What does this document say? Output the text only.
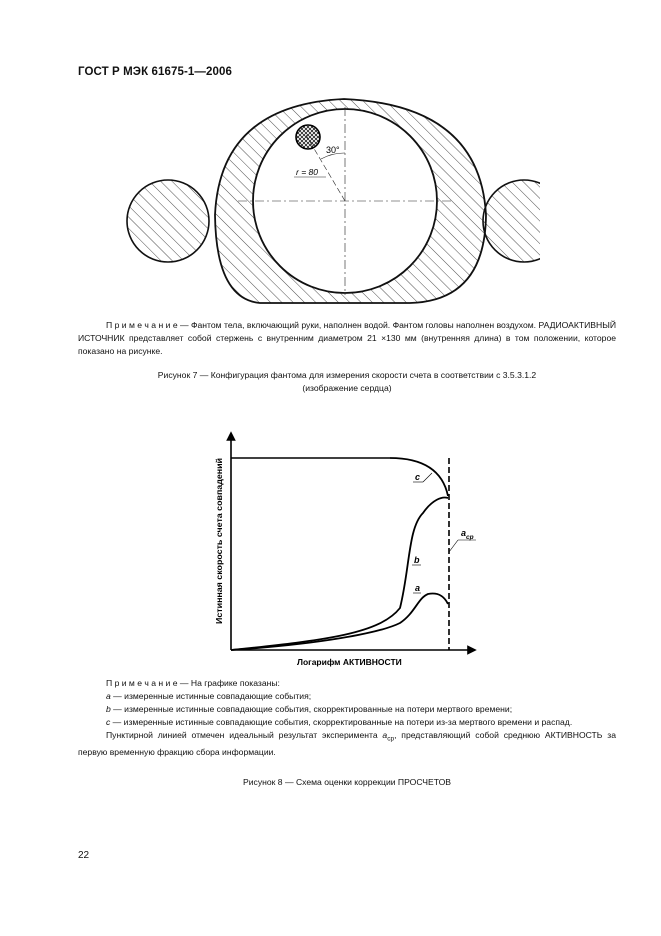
ГОСТ Р МЭК 61675-1—2006
30°
r = 80
П р и м е ч а н и е — Фантом тела, включающий руки, наполнен водой. Фантом головы наполнен воздухом. РАДИОАКТИВНЫЙ ИСТОЧНИК представляет собой стержень с внутренним диаметром 21 ×130 мм (внутренняя длина) в том положении, которое показано на рисунке.
Рисунок 7 — Конфигурация фантома для измерения скорости счета в соответствии с 3.5.3.1.2
(изображение сердца)
c
b
a
$a_{ср}$
Истинная скорость счета совпадений
Логарифм АКТИВНОСТИ
П р и м е ч а н и е — На графике показаны:
a — измеренные истинные совпадающие события;
b — измеренные истинные совпадающие события, скорректированные на потери мертвого времени;
c — измеренные истинные совпадающие события, скорректированные на потери из-за мертвого времени и распад.
Пунктирной линией отмечен идеальный результат эксперимента $a_{ср}$, представляющий собой среднюю АКТИВНОСТЬ за первую временную фракцию сбора информации.
Рисунок 8 — Схема оценки коррекции ПРОСЧЕТОВ
22
